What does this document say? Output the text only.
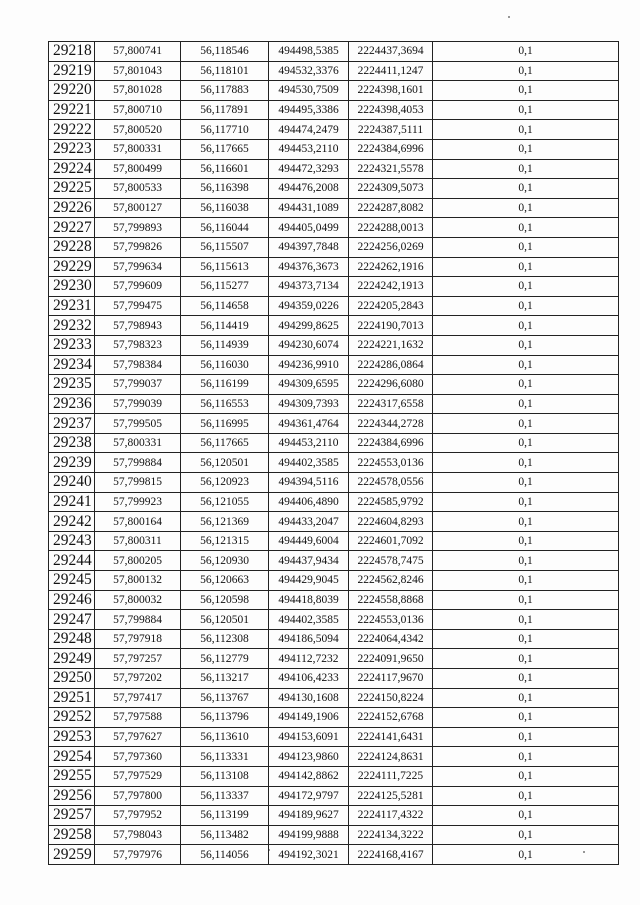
29218	57,800741	56,118546	494498,5385	2224437,3694	0,1
29219	57,801043	56,118101	494532,3376	2224411,1247	0,1
29220	57,801028	56,117883	494530,7509	2224398,1601	0,1
29221	57,800710	56,117891	494495,3386	2224398,4053	0,1
29222	57,800520	56,117710	494474,2479	2224387,5111	0,1
29223	57,800331	56,117665	494453,2110	2224384,6996	0,1
29224	57,800499	56,116601	494472,3293	2224321,5578	0,1
29225	57,800533	56,116398	494476,2008	2224309,5073	0,1
29226	57,800127	56,116038	494431,1089	2224287,8082	0,1
29227	57,799893	56,116044	494405,0499	2224288,0013	0,1
29228	57,799826	56,115507	494397,7848	2224256,0269	0,1
29229	57,799634	56,115613	494376,3673	2224262,1916	0,1
29230	57,799609	56,115277	494373,7134	2224242,1913	0,1
29231	57,799475	56,114658	494359,0226	2224205,2843	0,1
29232	57,798943	56,114419	494299,8625	2224190,7013	0,1
29233	57,798323	56,114939	494230,6074	2224221,1632	0,1
29234	57,798384	56,116030	494236,9910	2224286,0864	0,1
29235	57,799037	56,116199	494309,6595	2224296,6080	0,1
29236	57,799039	56,116553	494309,7393	2224317,6558	0,1
29237	57,799505	56,116995	494361,4764	2224344,2728	0,1
29238	57,800331	56,117665	494453,2110	2224384,6996	0,1
29239	57,799884	56,120501	494402,3585	2224553,0136	0,1
29240	57,799815	56,120923	494394,5116	2224578,0556	0,1
29241	57,799923	56,121055	494406,4890	2224585,9792	0,1
29242	57,800164	56,121369	494433,2047	2224604,8293	0,1
29243	57,800311	56,121315	494449,6004	2224601,7092	0,1
29244	57,800205	56,120930	494437,9434	2224578,7475	0,1
29245	57,800132	56,120663	494429,9045	2224562,8246	0,1
29246	57,800032	56,120598	494418,8039	2224558,8868	0,1
29247	57,799884	56,120501	494402,3585	2224553,0136	0,1
29248	57,797918	56,112308	494186,5094	2224064,4342	0,1
29249	57,797257	56,112779	494112,7232	2224091,9650	0,1
29250	57,797202	56,113217	494106,4233	2224117,9670	0,1
29251	57,797417	56,113767	494130,1608	2224150,8224	0,1
29252	57,797588	56,113796	494149,1906	2224152,6768	0,1
29253	57,797627	56,113610	494153,6091	2224141,6431	0,1
29254	57,797360	56,113331	494123,9860	2224124,8631	0,1
29255	57,797529	56,113108	494142,8862	2224111,7225	0,1
29256	57,797800	56,113337	494172,9797	2224125,5281	0,1
29257	57,797952	56,113199	494189,9627	2224117,4322	0,1
29258	57,798043	56,113482	494199,9888	2224134,3222	0,1
29259	57,797976	56,114056	494192,3021	2224168,4167	0,1
